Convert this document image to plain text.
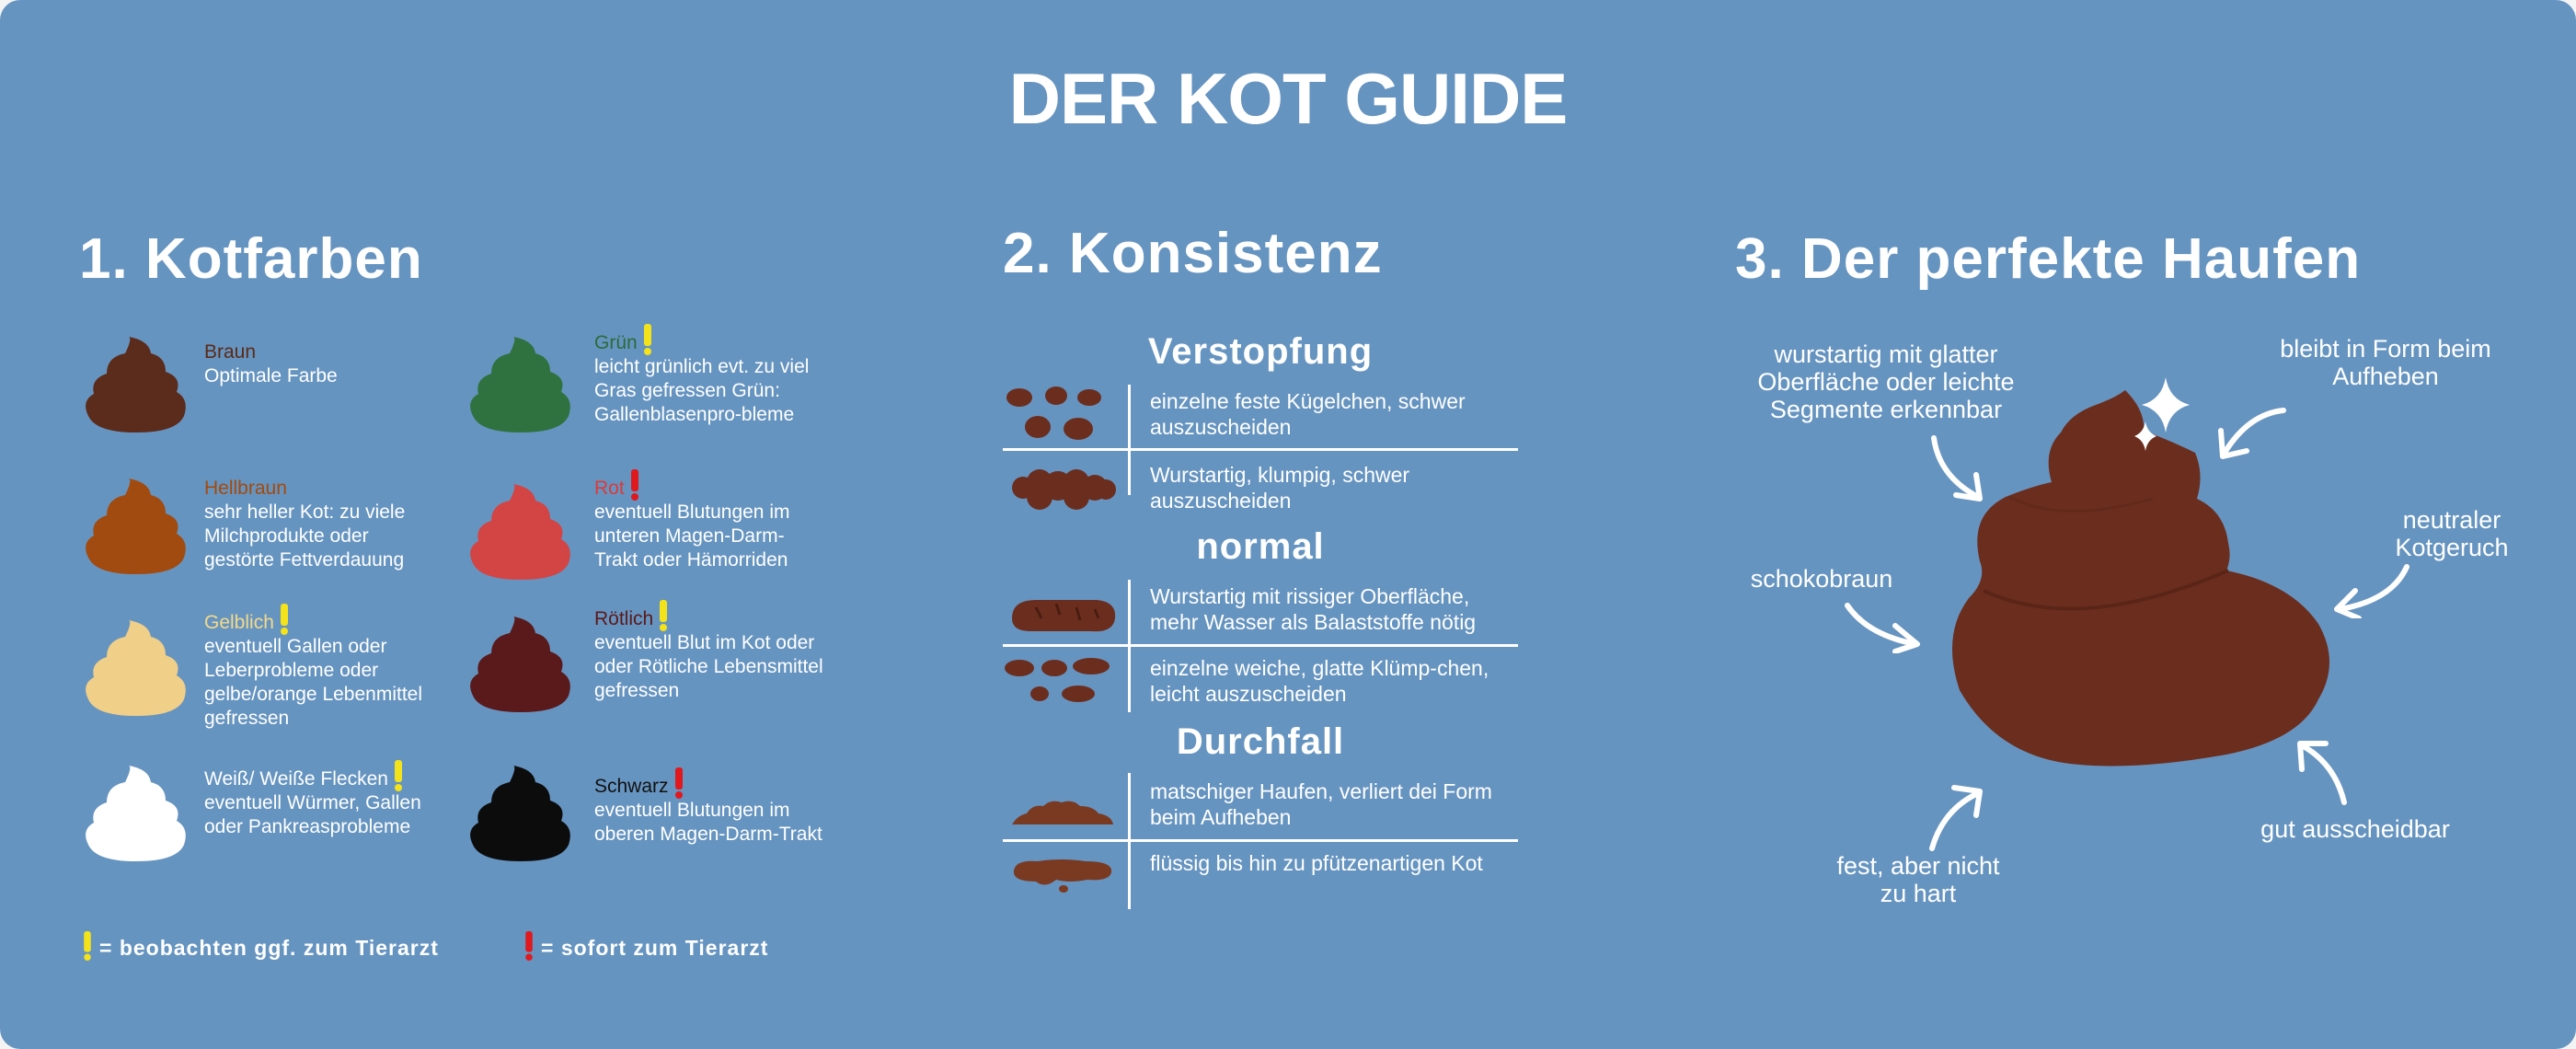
DER KOT GUIDE
1. Kotfarben
Braun
Optimale Farbe
Hellbraun
sehr heller Kot: zu viele Milchprodukte oder gestörte Fettverdauung
Gelblich
eventuell Gallen oder Leberprobleme oder gelbe/orange Lebenmittel gefressen
Weiß/ Weiße Flecken
eventuell Würmer, Gallen oder Pankreasprobleme
Grün
leicht grünlich evt. zu viel Gras gefressen Grün: Gallenblasenpro-bleme
Rot
eventuell Blutungen im unteren Magen-Darm-Trakt oder Hämorriden
Rötlich
eventuell Blut im Kot oder oder Rötliche Lebensmittel gefressen
Schwarz
eventuell Blutungen im oberen Magen-Darm-Trakt
= beobachten ggf. zum Tierarzt	= sofort zum Tierarzt
2. Konsistenz
Verstopfung
normal
Durchfall
einzelne feste Kügelchen, schwer auszuscheiden
Wurstartig, klumpig, schwer auszuscheiden
Wurstartig mit rissiger Oberfläche, mehr Wasser als Balaststoffe nötig
einzelne weiche, glatte Klümp-chen, leicht auszuscheiden
matschiger Haufen, verliert dei Form beim Aufheben
flüssig bis hin zu pfützenartigen Kot
3. Der perfekte Haufen
wurstartig mit glatter Oberfläche oder leichte Segmente erkennbar
bleibt in Form beim Aufheben
neutraler Kotgeruch
schokobraun
gut ausscheidbar
fest, aber nicht zu hart
